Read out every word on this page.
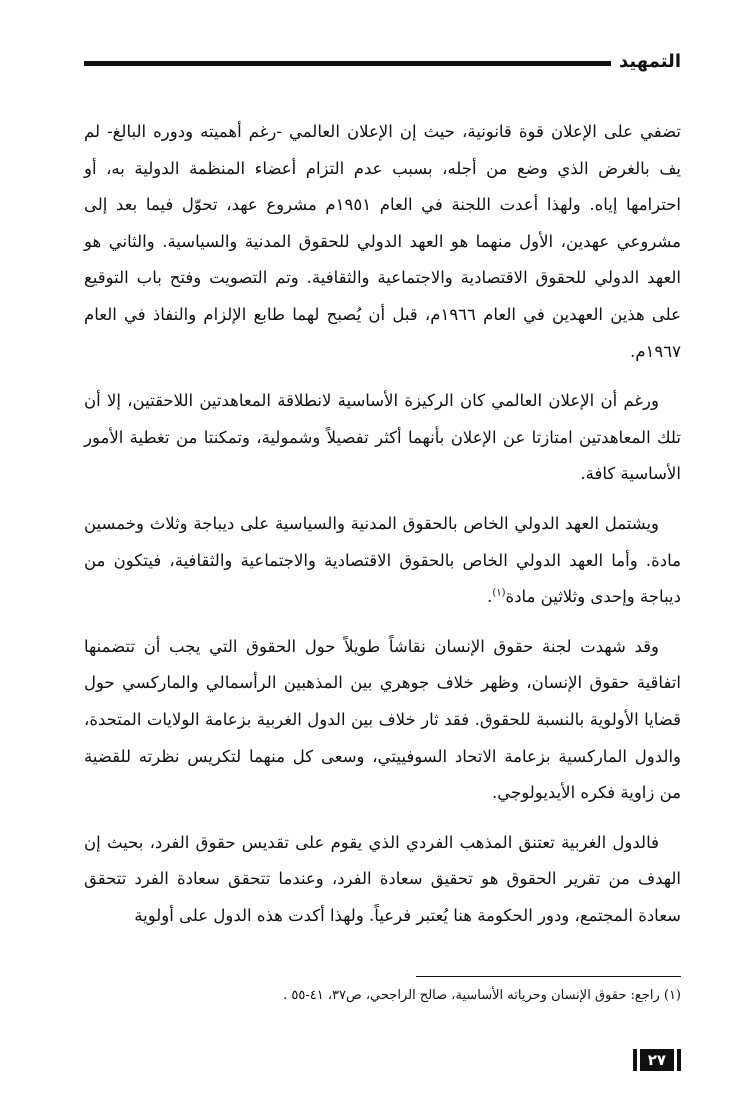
التمهيد

تضفي على الإعلان قوة قانونية، حيث إن الإعلان العالمي -رغم أهميته ودوره البالغ- لم يف بالغرض الذي وضع من أجله، بسبب عدم التزام أعضاء المنظمة الدولية به، أو احترامها إياه. ولهذا أعدت اللجنة في العام ١٩٥١م مشروع عهد، تحوّل فيما بعد إلى مشروعي عهدين، الأول منهما هو العهد الدولي للحقوق المدنية والسياسية. والثاني هو العهد الدولي للحقوق الاقتصادية والاجتماعية والثقافية. وتم التصويت وفتح باب التوقيع على هذين العهدين في العام ١٩٦٦م، قبل أن يُصبح لهما طابع الإلزام والنفاذ في العام ١٩٦٧م.

ورغم أن الإعلان العالمي كان الركيزة الأساسية لانطلاقة المعاهدتين اللاحقتين، إلا أن تلك المعاهدتين امتازتا عن الإعلان بأنهما أكثر تفصيلاً وشمولية، وتمكنتا من تغطية الأمور الأساسية كافة.

ويشتمل العهد الدولي الخاص بالحقوق المدنية والسياسية على ديباجة وثلاث وخمسين مادة. وأما العهد الدولي الخاص بالحقوق الاقتصادية والاجتماعية والثقافية، فيتكون من ديباجة وإحدى وثلاثين مادة$^{(١)}$.

وقد شهدت لجنة حقوق الإنسان نقاشاً طويلاً حول الحقوق التي يجب أن تتضمنها اتفاقية حقوق الإنسان، وظهر خلاف جوهري بين المذهبين الرأسمالي والماركسي حول قضايا الأولوية بالنسبة للحقوق. فقد ثار خلاف بين الدول الغربية بزعامة الولايات المتحدة، والدول الماركسية بزعامة الاتحاد السوفييتي، وسعى كل منهما لتكريس نظرته للقضية من زاوية فكره الأيديولوجي.

فالدول الغربية تعتنق المذهب الفردي الذي يقوم على تقديس حقوق الفرد، بحيث إن الهدف من تقرير الحقوق هو تحقيق سعادة الفرد، وعندما تتحقق سعادة الفرد تتحقق سعادة المجتمع، ودور الحكومة هنا يُعتبر فرعياً. ولهذا أكدت هذه الدول على أولوية

(١) راجع: حقوق الإنسان وحرياته الأساسية، صالح الراجحي، ص٣٧، ٤١-٥٥ .
٢٧
